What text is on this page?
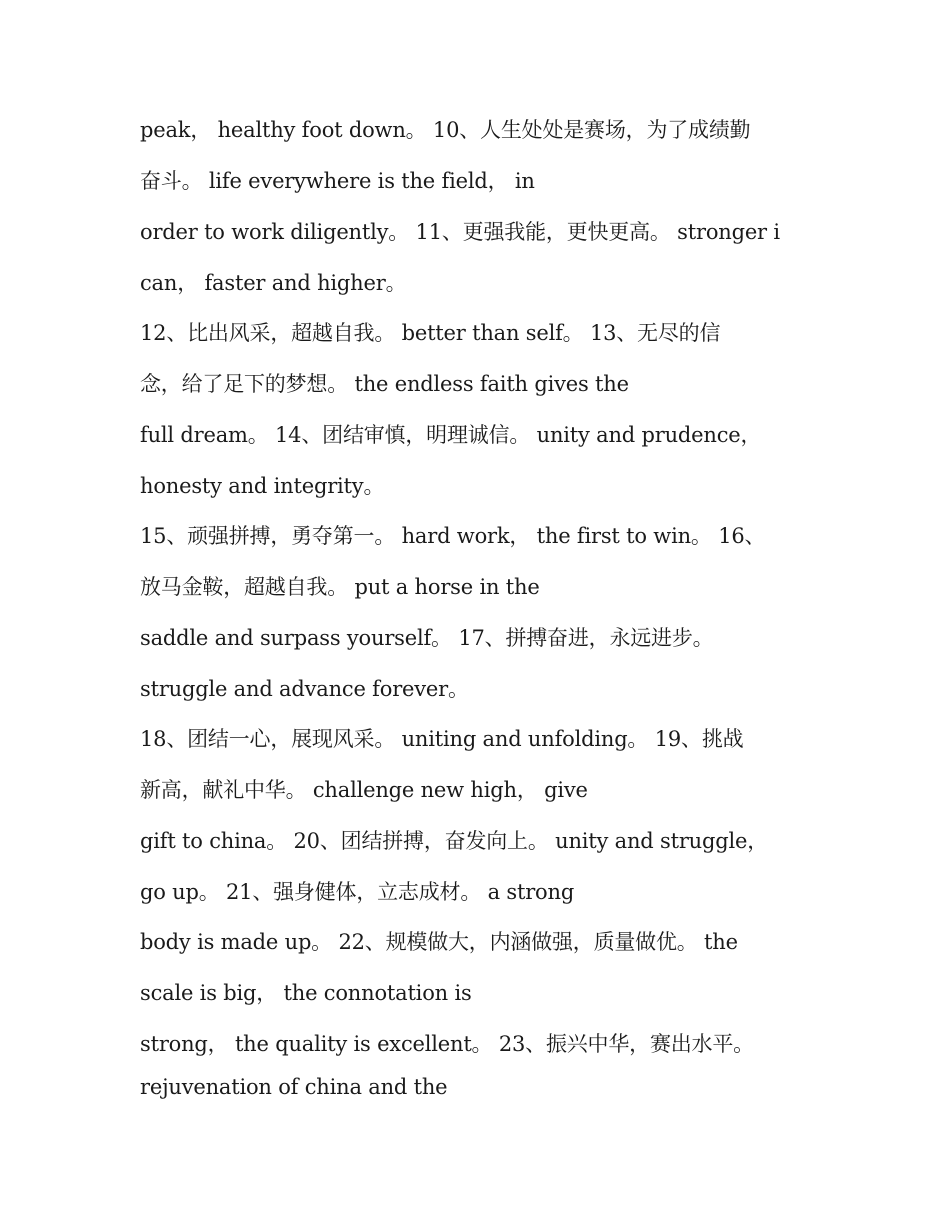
peak， healthy foot down。 10、人生处处是赛场，为了成绩勤
奋斗。 life everywhere is the field， in
order to work diligently。 11、更强我能，更快更高。 stronger i
can， faster and higher。
12、比出风采，超越自我。 better than self。 13、无尽的信
念，给了足下的梦想。 the endless faith gives the
full dream。 14、团结审慎，明理诚信。 unity and prudence，
honesty and integrity。
15、顽强拼搏，勇夺第一。 hard work， the first to win。 16、
放马金鞍，超越自我。 put a horse in the
saddle and surpass yourself。 17、拼搏奋进，永远进步。
struggle and advance forever。
18、团结一心，展现风采。 uniting and unfolding。 19、挑战
新高，献礼中华。 challenge new high， give
gift to china。 20、团结拼搏，奋发向上。 unity and struggle，
go up。 21、强身健体，立志成材。 a strong
body is made up。 22、规模做大，内涵做强，质量做优。 the
scale is big， the connotation is
strong， the quality is excellent。 23、振兴中华，赛出水平。
rejuvenation of china and the
